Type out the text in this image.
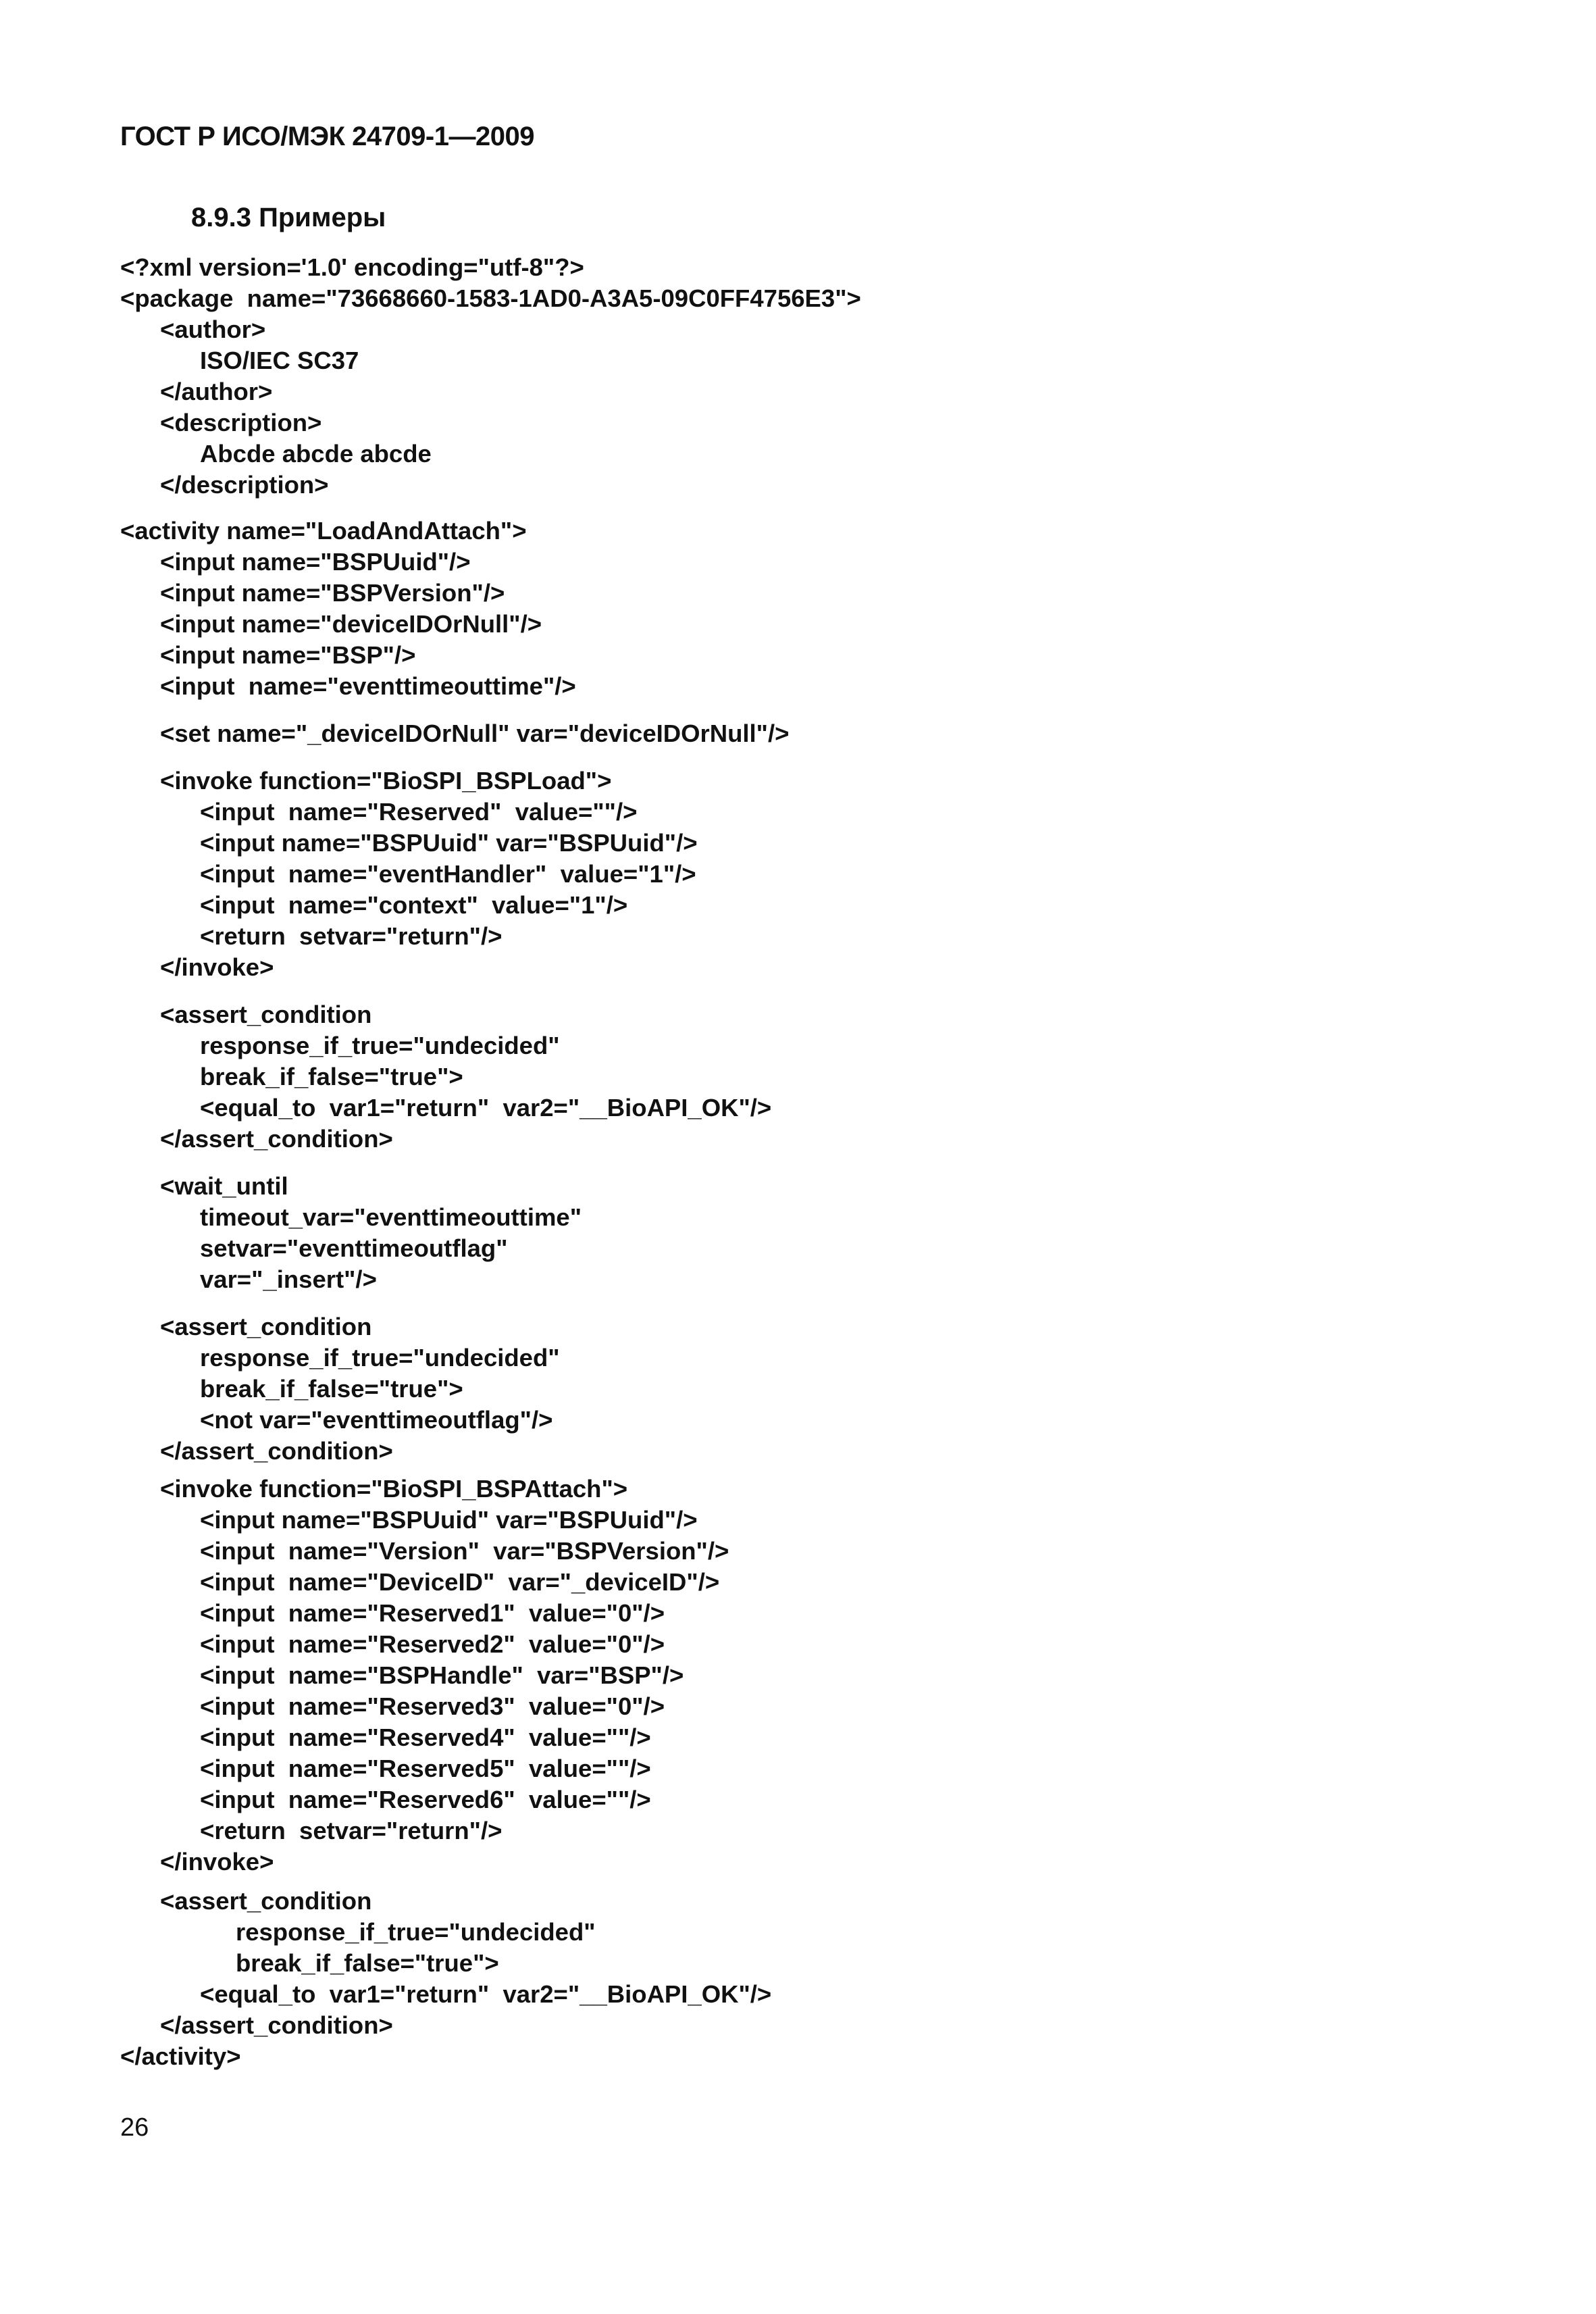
ГОСТ Р ИСО/МЭК 24709-1—2009
8.9.3 Примеры
<?xml version='1.0' encoding="utf-8"?>
<package  name="73668660-1583-1AD0-A3A5-09C0FF4756E3">
<author>
ISO/IEC SC37
</author>
<description>
Abcde abcde abcde
</description>
<activity name="LoadAndAttach">
<input name="BSPUuid"/>
<input name="BSPVersion"/>
<input name="deviceIDOrNull"/>
<input name="BSP"/>
<input  name="eventtimeouttime"/>
<set name="_deviceIDOrNull" var="deviceIDOrNull"/>
<invoke function="BioSPI_BSPLoad">
<input  name="Reserved"  value=""/>
<input name="BSPUuid" var="BSPUuid"/>
<input  name="eventHandler"  value="1"/>
<input  name="context"  value="1"/>
<return  setvar="return"/>
</invoke>
<assert_condition
response_if_true="undecided"
break_if_false="true">
<equal_to  var1="return"  var2="__BioAPI_OK"/>
</assert_condition>
<wait_until
timeout_var="eventtimeouttime"
setvar="eventtimeoutflag"
var="_insert"/>
<assert_condition
response_if_true="undecided"
break_if_false="true">
<not var="eventtimeoutflag"/>
</assert_condition>
<invoke function="BioSPI_BSPAttach">
<input name="BSPUuid" var="BSPUuid"/>
<input  name="Version"  var="BSPVersion"/>
<input  name="DeviceID"  var="_deviceID"/>
<input  name="Reserved1"  value="0"/>
<input  name="Reserved2"  value="0"/>
<input  name="BSPHandle"  var="BSP"/>
<input  name="Reserved3"  value="0"/>
<input  name="Reserved4"  value=""/>
<input  name="Reserved5"  value=""/>
<input  name="Reserved6"  value=""/>
<return  setvar="return"/>
</invoke>
<assert_condition
response_if_true="undecided"
break_if_false="true">
<equal_to  var1="return"  var2="__BioAPI_OK"/>
</assert_condition>
</activity>
26
